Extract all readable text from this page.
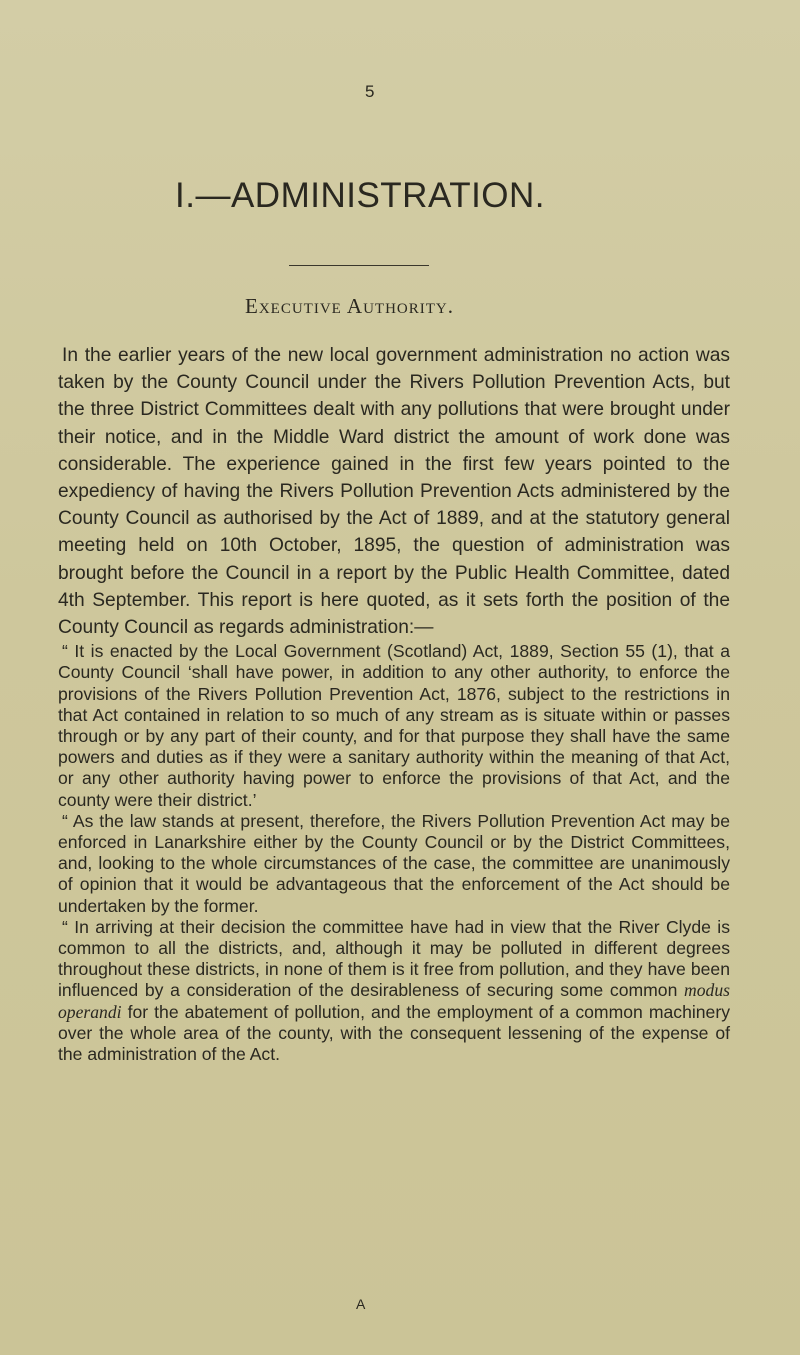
5
I.—ADMINISTRATION.
Executive Authority.

In the earlier years of the new local government administration no action was taken by the County Council under the Rivers Pollution Prevention Acts, but the three District Committees dealt with any pollutions that were brought under their notice, and in the Middle Ward district the amount of work done was considerable. The experience gained in the first few years pointed to the expediency of having the Rivers Pollution Prevention Acts administered by the County Council as authorised by the Act of 1889, and at the statutory general meeting held on 10th October, 1895, the question of administration was brought before the Council in a report by the Public Health Committee, dated 4th September. This report is here quoted, as it sets forth the position of the County Council as regards administration:—

“ It is enacted by the Local Government (Scotland) Act, 1889, Section 55 (1), that a County Council ‘shall have power, in addition to any other authority, to enforce the provisions of the Rivers Pollution Prevention Act, 1876, subject to the restrictions in that Act contained in relation to so much of any stream as is situate within or passes through or by any part of their county, and for that purpose they shall have the same powers and duties as if they were a sanitary authority within the meaning of that Act, or any other authority having power to enforce the provisions of that Act, and the county were their district.’

“ As the law stands at present, therefore, the Rivers Pollution Prevention Act may be enforced in Lanarkshire either by the County Council or by the District Committees, and, looking to the whole circumstances of the case, the committee are unanimously of opinion that it would be advantageous that the enforcement of the Act should be undertaken by the former.

“ In arriving at their decision the committee have had in view that the River Clyde is common to all the districts, and, although it may be polluted in different degrees throughout these districts, in none of them is it free from pollution, and they have been influenced by a consideration of the desirableness of securing some common modus operandi for the abatement of pollution, and the employment of a common machinery over the whole area of the county, with the consequent lessening of the expense of the administration of the Act.

A
